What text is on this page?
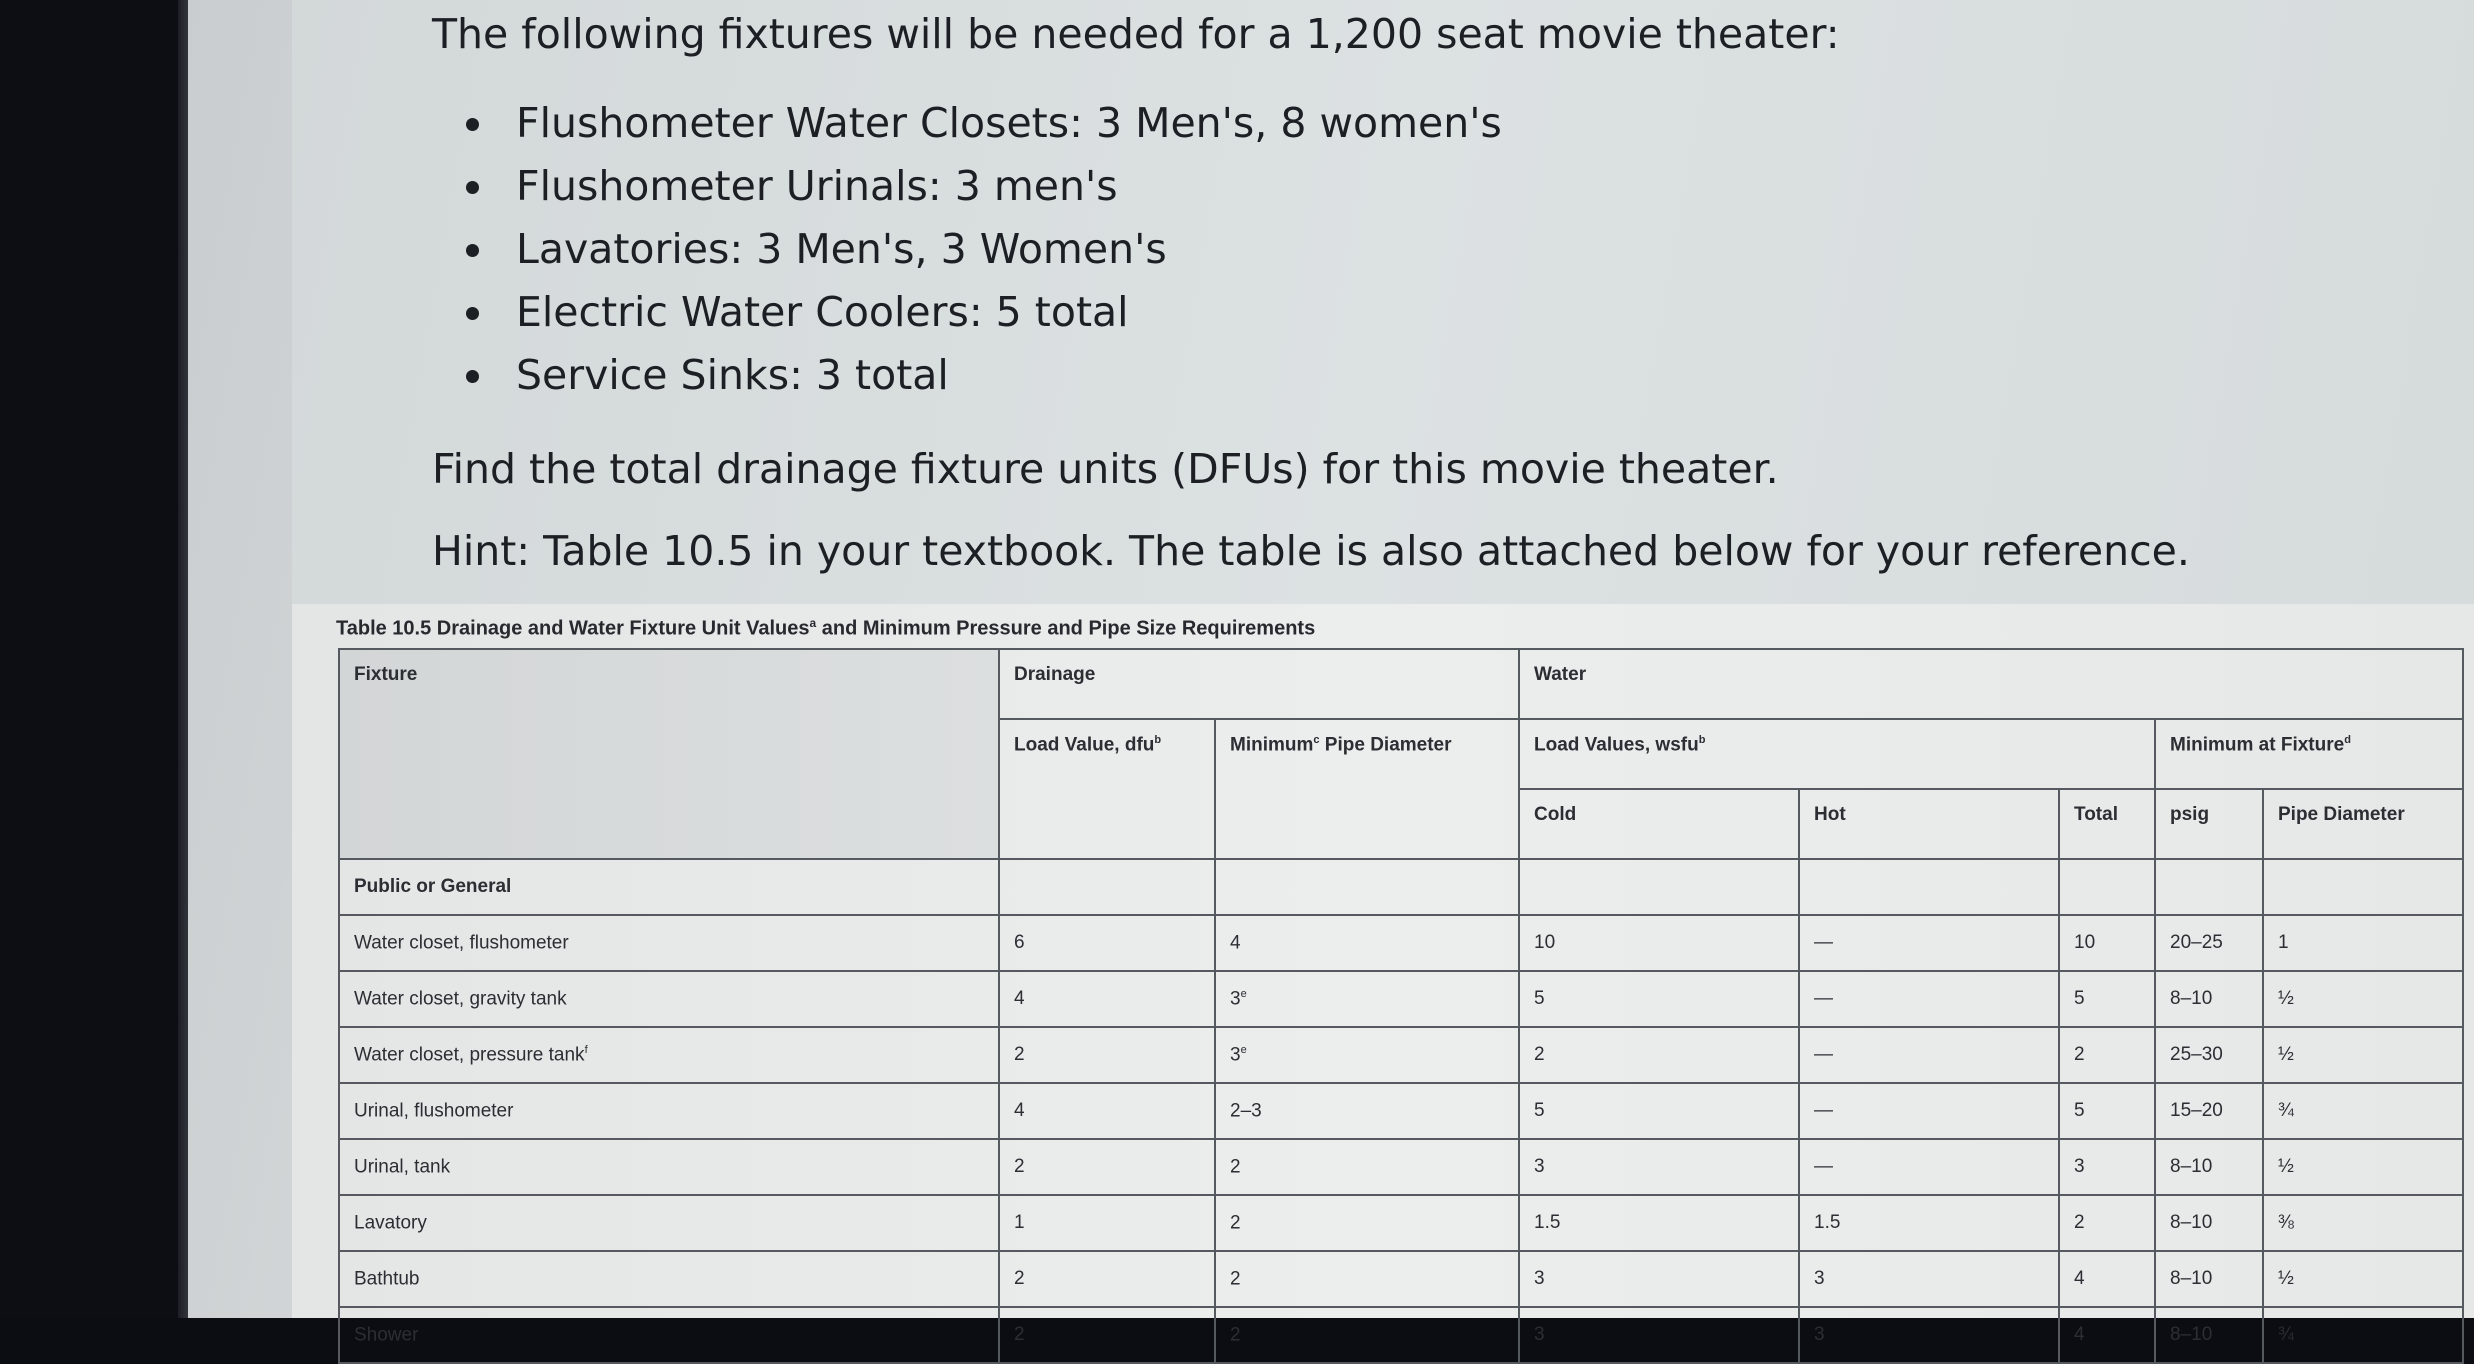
The following fixtures will be needed for a 1,200 seat movie theater:
Flushometer Water Closets: 3 Men's, 8 women's
Flushometer Urinals: 3 men's
Lavatories: 3 Men's, 3 Women's
Electric Water Coolers: 5 total
Service Sinks: 3 total
Find the total drainage fixture units (DFUs) for this movie theater.
Hint: Table 10.5 in your textbook. The table is also attached below for your reference.
Table 10.5 Drainage and Water Fixture Unit Values$^a$ and Minimum Pressure and Pipe Size Requirements
Fixture	Drainage		Water				
	Load Value, dfu$^b$	Minimum$^c$ Pipe Diameter	Load Values, wsfu$^b$			Minimum at Fixture$^d$
			Cold	Hot	Total	psig	Pipe Diameter
Public or General							
Water closet, flushometer	6	4	10	—	10	20–25	1
Water closet, gravity tank	4	3e	5	—	5	8–10	½
Water closet, pressure tank$^f$	2	3e	2	—	2	25–30	½
Urinal, flushometer	4	2–3	5	—	5	15–20	¾
Urinal, tank	2	2	3	—	3	8–10	½
Lavatory	1	2	1.5	1.5	2	8–10	⅜
Bathtub	2	2	3	3	4	8–10	½
Shower	2	2	3	3	4	8–10	¾
